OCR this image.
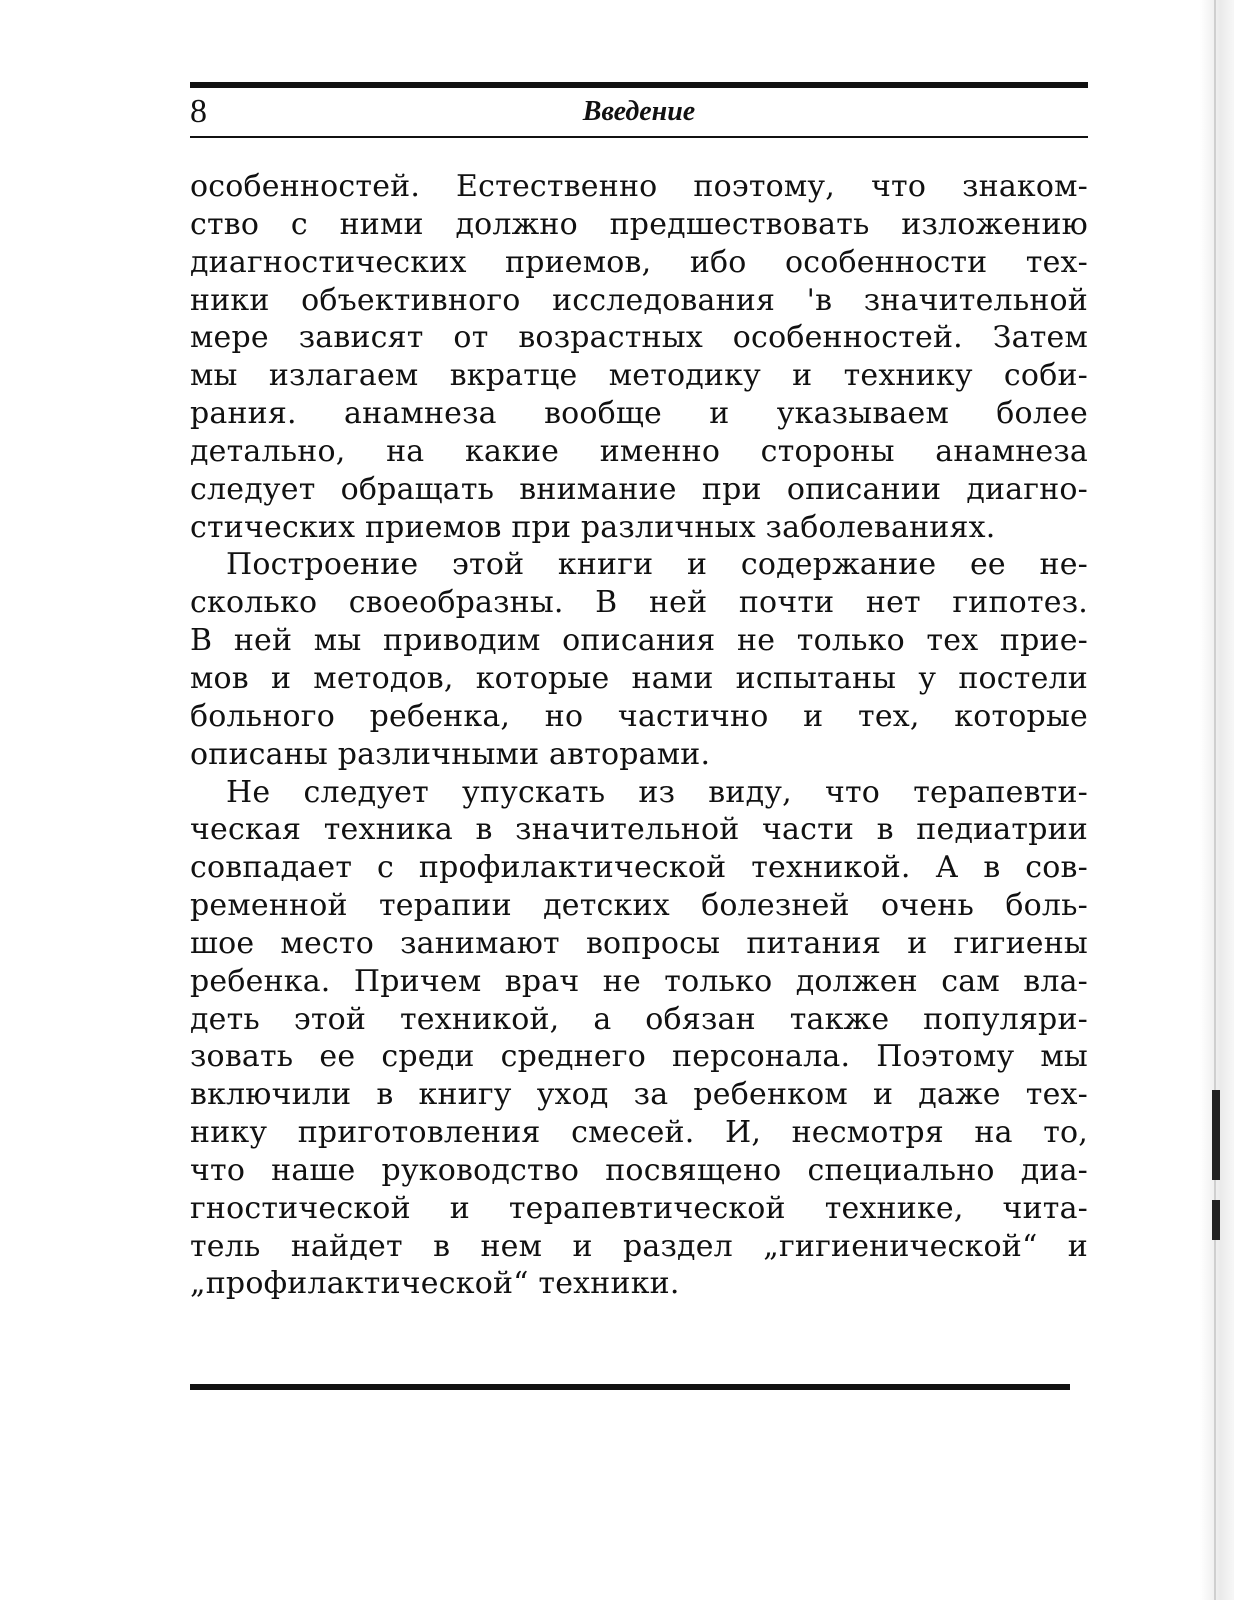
8	Введение
особенностей. Естественно поэтому, что знаком-
ство с ними должно предшествовать изложению
диагностических приемов, ибо особенности тех-
ники объективного исследования 'в значительной
мере зависят от возрастных особенностей. Затем
мы излагаем вкратце методику и технику соби-
рания. анамнеза вообще и указываем более
детально, на какие именно стороны анамнеза
следует обращать внимание при описании диагно-
стических приемов при различных заболеваниях.
Построение этой книги и содержание ее не-
сколько своеобразны. В ней почти нет гипотез.
В ней мы приводим описания не только тех прие-
мов и методов, которые нами испытаны у постели
больного ребенка, но частично и тех, которые
описаны различными авторами.
Не следует упускать из виду, что терапевти-
ческая техника в значительной части в педиатрии
совпадает с профилактической техникой. А в сов-
ременной терапии детских болезней очень боль-
шое место занимают вопросы питания и гигиены
ребенка. Причем врач не только должен сам вла-
деть этой техникой, а обязан также популяри-
зовать ее среди среднего персонала. Поэтому мы
включили в книгу уход за ребенком и даже тех-
нику приготовления смесей. И, несмотря на то,
что наше руководство посвящено специально диа-
гностической и терапевтической технике, чита-
тель найдет в нем и раздел „гигиенической“ и
„профилактической“ техники.
